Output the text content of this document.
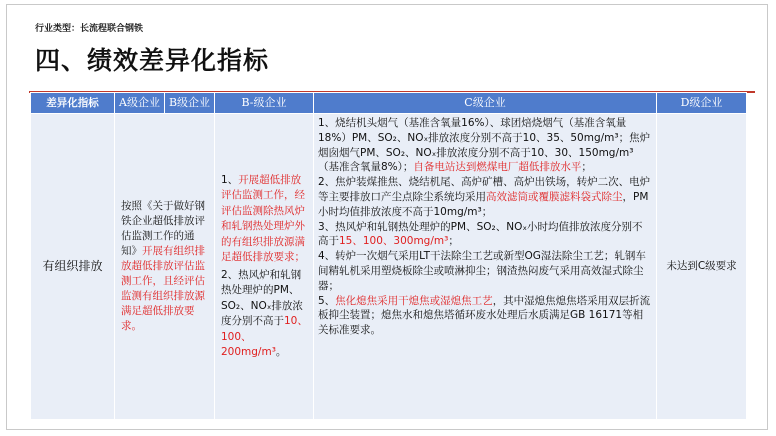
行业类型：长流程联合钢铁
四、绩效差异化指标
差异化指标	A级企业	B级企业	B-级企业	C级企业	D级企业
有组织排放	按照《关于做好钢铁企业超低排放评估监测工作的通知》开展有组织排放超低排放评估监测工作，且经评估监测有组织排放源满足超低排放要求。		1、开展超低排放评估监测工作，经评估监测除热风炉和轧钢热处理炉外的有组织排放源满足超低排放要求；
2、热风炉和轧钢热处理炉的PM、SO₂、NOₓ排放浓度分别不高于10、100、200mg/m³。	1、烧结机头烟气（基准含氧量16%）、球团焙烧烟气（基准含氧量18%）PM、SO₂、NOₓ排放浓度分别不高于10、35、50mg/m³；焦炉烟囱烟气PM、SO₂、NOₓ排放浓度分别不高于10、30、150mg/m³（基准含氧量8%）；自备电站达到燃煤电厂超低排放水平；
2、焦炉装煤推焦、烧结机尾、高炉矿槽、高炉出铁场，转炉二次、电炉等主要排放口产尘点除尘系统均采用高效滤筒或覆膜滤料袋式除尘，PM小时均值排放浓度不高于10mg/m³；
3、热风炉和轧钢热处理炉的PM、SO₂、NOₓ小时均值排放浓度分别不高于15、100、300mg/m³；
4、转炉一次烟气采用LT干法除尘工艺或新型OG湿法除尘工艺；轧钢车间精轧机采用塑烧板除尘或喷淋抑尘；钢渣热闷废气采用高效湿式除尘器；
5、焦化熄焦采用干熄焦或湿熄焦工艺，其中湿熄焦熄焦塔采用双层折流板抑尘装置；熄焦水和熄焦塔循环废水处理后水质满足GB 16171等相关标准要求。	未达到C级要求
